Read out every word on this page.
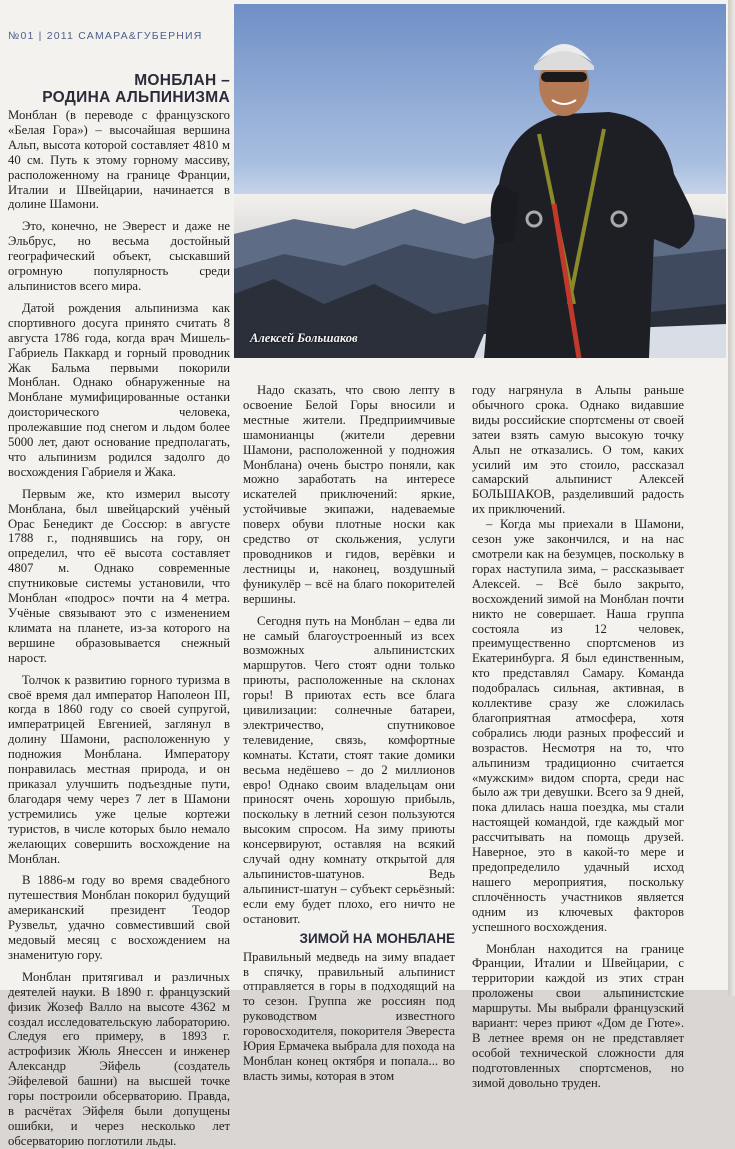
№01 | 2011 САМАРА&ГУБЕРНИЯ
Алексей Большаков
МОНБЛАН –
РОДИНА АЛЬПИНИЗМА

Монблан (в переводе с французского «Белая Гора») – высочайшая вершина Альп, высота которой составляет 4810 м 40 см. Путь к этому горному массиву, расположенному на границе Франции, Италии и Швейцарии, начинается в долине Шамони.

Это, конечно, не Эверест и даже не Эльбрус, но весьма достойный географический объект, сыскавший огромную популярность среди альпинистов всего мира.

Датой рождения альпинизма как спортивного досуга принято считать 8 августа 1786 года, когда врач Мишель-Габриель Паккард и горный проводник Жак Бальма первыми покорили Монблан. Однако обнаруженные на Монблане мумифицированные останки доисторического человека, пролежавшие под снегом и льдом более 5000 лет, дают основание предполагать, что альпинизм родился задолго до восхождения Габриеля и Жака.

Первым же, кто измерил высоту Монблана, был швейцарский учёный Орас Бенедикт де Соссюр: в августе 1788 г., поднявшись на гору, он определил, что её высота составляет 4807 м. Однако современные спутниковые системы установили, что Монблан «подрос» почти на 4 метра. Учёные связывают это с изменением климата на планете, из-за которого на вершине образовывается снежный нарост.

Толчок к развитию горного туризма в своё время дал император Наполеон III, когда в 1860 году со своей супругой, императрицей Евгенией, заглянул в долину Шамони, расположенную у подножия Монблана. Императору понравилась местная природа, и он приказал улучшить подъездные пути, благодаря чему через 7 лет в Шамони устремились уже целые кортежи туристов, в числе которых было немало желающих совершить восхождение на Монблан.

В 1886-м году во время свадебного путешествия Монблан покорил будущий американский президент Теодор Рузвельт, удачно совместивший свой медовый месяц с восхождением на знаменитую гору.

Монблан притягивал и различных деятелей науки. В 1890 г. французский физик Жозеф Валло на высоте 4362 м создал исследовательскую лабораторию. Следуя его примеру, в 1893 г. астрофизик Жюль Янессен и инженер Александр Эйфель (создатель Эйфелевой башни) на высшей точке горы построили обсерваторию. Правда, в расчётах Эйфеля были допущены ошибки, и через несколько лет обсерваторию поглотили льды.

Надо сказать, что свою лепту в освоение Белой Горы вносили и местные жители. Предприимчивые шамонианцы (жители деревни Шамони, расположенной у подножия Монблана) очень быстро поняли, как можно заработать на интересе искателей приключений: яркие, устойчивые экипажи, надеваемые поверх обуви плотные носки как средство от скольжения, услуги проводников и гидов, верёвки и лестницы и, наконец, воздушный фуникулёр – всё на благо покорителей вершины.

Сегодня путь на Монблан – едва ли не самый благоустроенный из всех возможных альпинистских маршрутов. Чего стоят одни только приюты, расположенные на склонах горы! В приютах есть все блага цивилизации: солнечные батареи, электричество, спутниковое телевидение, связь, комфортные комнаты. Кстати, стоят такие домики весьма недёшево – до 2 миллионов евро! Однако своим владельцам они приносят очень хорошую прибыль, поскольку в летний сезон пользуются высоким спросом. На зиму приюты консервируют, оставляя на всякий случай одну комнату открытой для альпинистов-шатунов. Ведь альпинист-шатун – субъект серьёзный: если ему будет плохо, его ничто не остановит.

ЗИМОЙ НА МОНБЛАНЕ

Правильный медведь на зиму впадает в спячку, правильный альпинист отправляется в горы в подходящий на то сезон. Группа же россиян под руководством известного горовосходителя, покорителя Эвереста Юрия Ермачека выбрала для похода на Монблан конец октября и попала... во власть зимы, которая в этом

году нагрянула в Альпы раньше обычного срока. Однако видавшие виды российские спортсмены от своей затеи взять самую высокую точку Альп не отказались. О том, каких усилий им это стоило, рассказал самарский альпинист Алексей БОЛЬШАКОВ, разделивший радость их приключений.

– Когда мы приехали в Шамони, сезон уже закончился, и на нас смотрели как на безумцев, поскольку в горах наступила зима, – рассказывает Алексей. – Всё было закрыто, восхождений зимой на Монблан почти никто не совершает. Наша группа состояла из 12 человек, преимущественно спортсменов из Екатеринбурга. Я был единственным, кто представлял Самару. Команда подобралась сильная, активная, в коллективе сразу же сложилась благоприятная атмосфера, хотя собрались люди разных профессий и возрастов. Несмотря на то, что альпинизм традиционно считается «мужским» видом спорта, среди нас было аж три девушки. Всего за 9 дней, пока длилась наша поездка, мы стали настоящей командой, где каждый мог рассчитывать на помощь друзей. Наверное, это в какой-то мере и предопределило удачный исход нашего мероприятия, поскольку сплочённость участников является одним из ключевых факторов успешного восхождения.

Монблан находится на границе Франции, Италии и Швейцарии, с территории каждой из этих стран проложены свои альпинистские маршруты. Мы выбрали французский вариант: через приют «Дом де Гюте». В летнее время он не представляет особой технической сложности для подготовленных спортсменов, но зимой довольно труден.
